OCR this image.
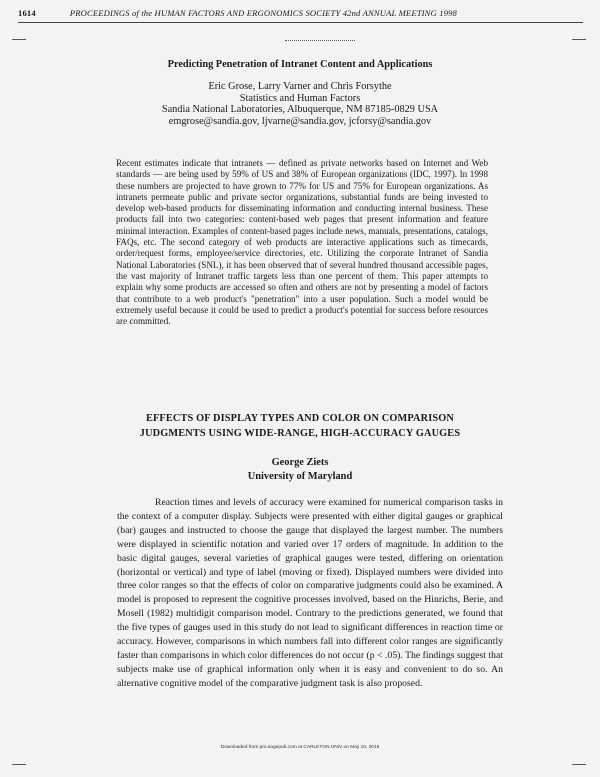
1614	PROCEEDINGS of the HUMAN FACTORS AND ERGONOMICS SOCIETY 42nd ANNUAL MEETING 1998
Predicting Penetration of Intranet Content and Applications
Eric Grose, Larry Varner and Chris Forsythe
Statistics and Human Factors
Sandia National Laboratories, Albuquerque, NM 87185-0829 USA
emgrose@sandia.gov, ljvarne@sandia.gov, jcforsy@sandia.gov
Recent estimates indicate that intranets — defined as private networks based on Internet and Web standards — are being used by 59% of US and 38% of European organizations (IDC, 1997). In 1998 these numbers are projected to have grown to 77% for US and 75% for European organizations. As intranets permeate public and private sector organizations, substantial funds are being invested to develop web-based products for disseminating information and conducting internal business. These products fall into two categories: content-based web pages that present information and feature minimal interaction. Examples of content-based pages include news, manuals, presentations, catalogs, FAQs, etc. The second category of web products are interactive applications such as timecards, order/request forms, employee/service directories, etc. Utilizing the corporate Intranet of Sandia National Laboratories (SNL), it has been observed that of several hundred thousand accessible pages, the vast majority of Intranet traffic targets less than one percent of them. This paper attempts to explain why some products are accessed so often and others are not by presenting a model of factors that contribute to a web product's "penetration" into a user population. Such a model would be extremely useful because it could be used to predict a product's potential for success before resources are committed.
EFFECTS OF DISPLAY TYPES AND COLOR ON COMPARISON
JUDGMENTS USING WIDE-RANGE, HIGH-ACCURACY GAUGES
George Ziets
University of Maryland
Reaction times and levels of accuracy were examined for numerical comparison tasks in the context of a computer display. Subjects were presented with either digital gauges or graphical (bar) gauges and instructed to choose the gauge that displayed the largest number. The numbers were displayed in scientific notation and varied over 17 orders of magnitude. In addition to the basic digital gauges, several varieties of graphical gauges were tested, differing on orientation (horizontal or vertical) and type of label (moving or fixed). Displayed numbers were divided into three color ranges so that the effects of color on comparative judgments could also be examined. A model is proposed to represent the cognitive processes involved, based on the Hinrichs, Berie, and Mosell (1982) multidigit comparison model. Contrary to the predictions generated, we found that the five types of gauges used in this study do not lead to significant differences in reaction time or accuracy. However, comparisons in which numbers fall into different color ranges are significantly faster than comparisons in which color differences do not occur (p < .05). The findings suggest that subjects make use of graphical information only when it is easy and convenient to do so. An alternative cognitive model of the comparative judgment task is also proposed.
Downloaded from pro.sagepub.com at CARLETON UNIV on May 10, 2015
